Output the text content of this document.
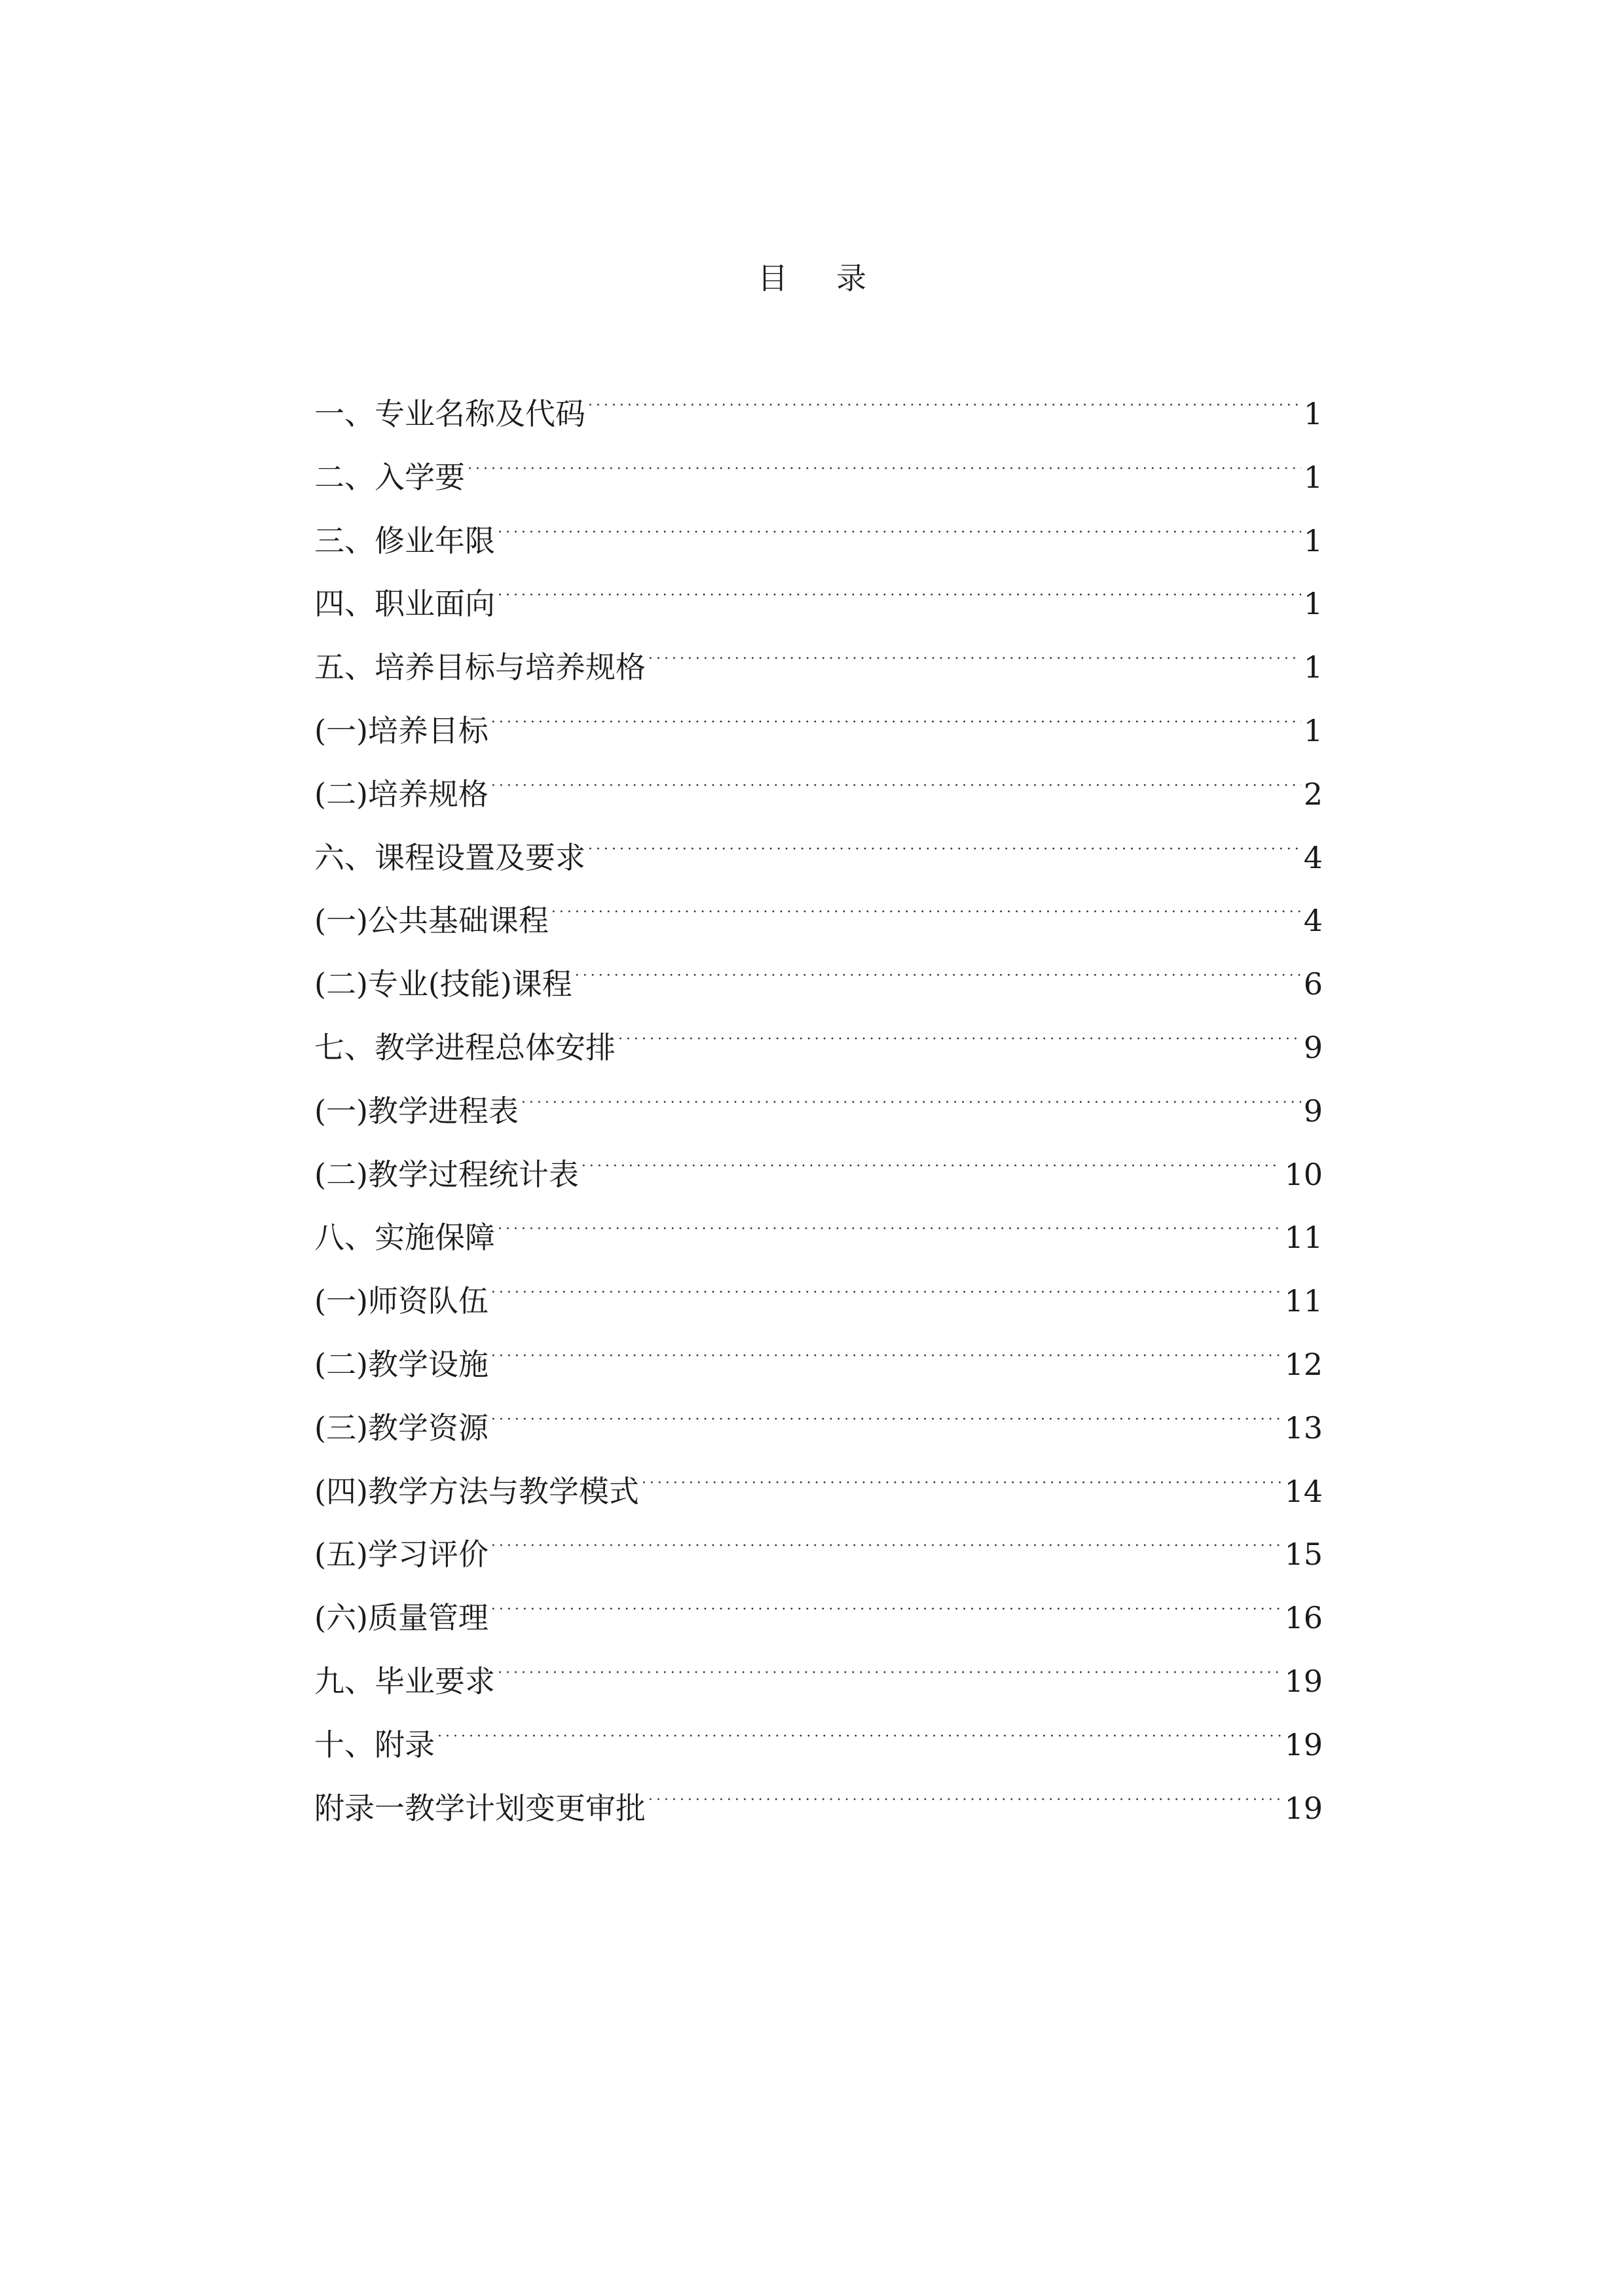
目 录
一、专业名称及代码 · · ·	1
二、入学要 · · ·	1
三、修业年限 · · ·	1
四、职业面向 · · ·	1
五、培养目标与培养规格 · · ·	1
(一)培养目标 · · ·	1
(二)培养规格 · · ·	2
六、课程设置及要求 · · ·	4
(一)公共基础课程 · · ·	4
(二)专业(技能)课程 · · ·	6
七、教学进程总体安排 · · ·	9
(一)教学进程表 · · ·	9
(二)教学过程统计表 · · ·	10
八、实施保障 · · ·	11
(一)师资队伍 · · ·	11
(二)教学设施 · · ·	12
(三)教学资源 · · ·	13
(四)教学方法与教学模式 · · ·	14
(五)学习评价 · · ·	15
(六)质量管理 · · ·	16
九、毕业要求 · · ·	19
十、附录 · · ·	19
附录一教学计划变更审批 · · ·	19
